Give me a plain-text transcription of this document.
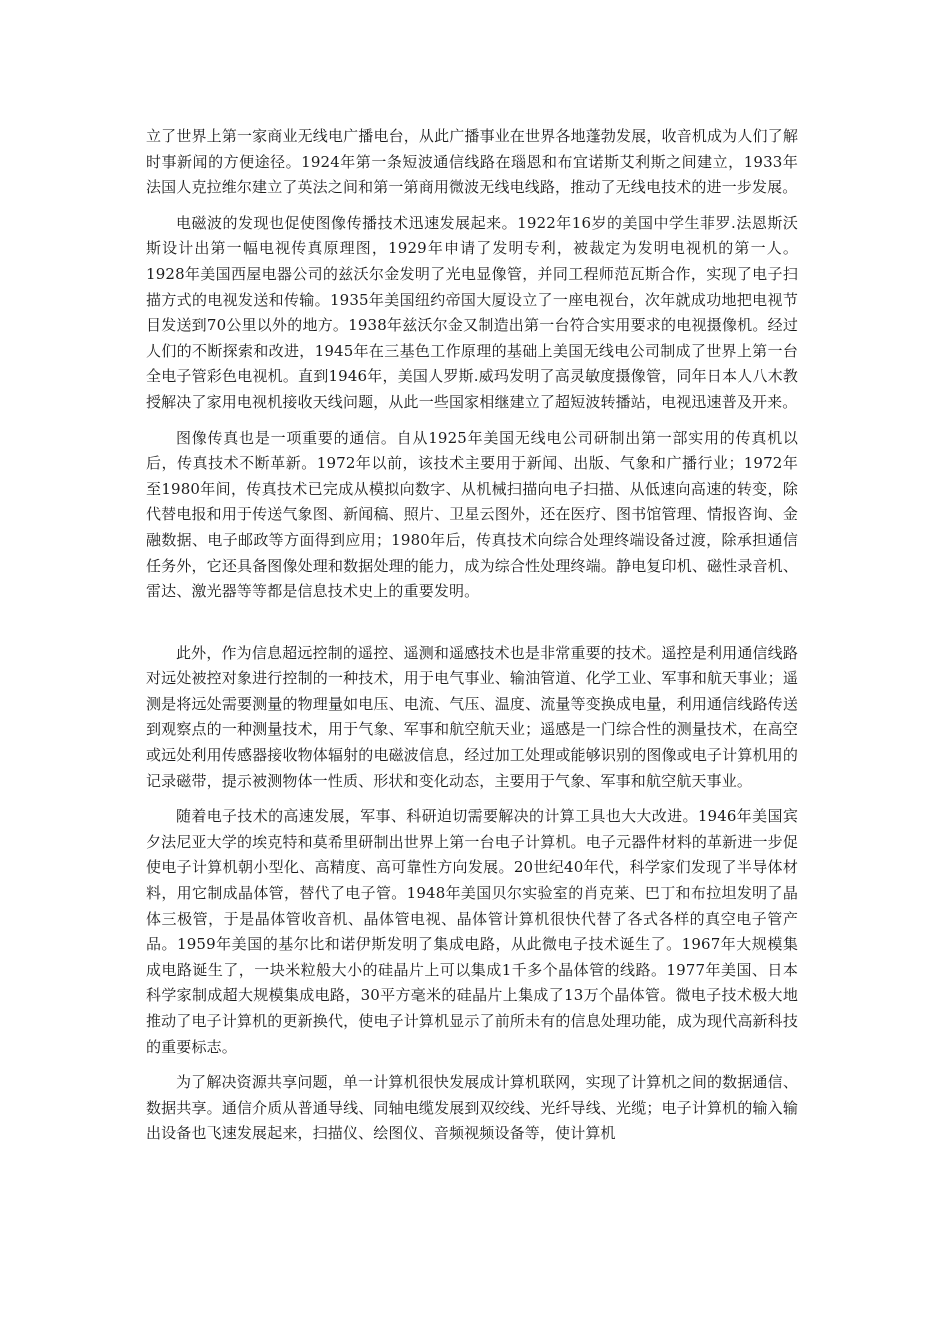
立了世界上第一家商业无线电广播电台，从此广播事业在世界各地蓬勃发展，收音机成为人们了解时事新闻的方便途径。1924年第一条短波通信线路在瑙恩和布宜诺斯艾利斯之间建立，1933年法国人克拉维尔建立了英法之间和第一第商用微波无线电线路，推动了无线电技术的进一步发展。

电磁波的发现也促使图像传播技术迅速发展起来。1922年16岁的美国中学生菲罗.法恩斯沃斯设计出第一幅电视传真原理图，1929年申请了发明专利，被裁定为发明电视机的第一人。1928年美国西屋电器公司的兹沃尔金发明了光电显像管，并同工程师范瓦斯合作，实现了电子扫描方式的电视发送和传输。1935年美国纽约帝国大厦设立了一座电视台，次年就成功地把电视节目发送到70公里以外的地方。1938年兹沃尔金又制造出第一台符合实用要求的电视摄像机。经过人们的不断探索和改进，1945年在三基色工作原理的基础上美国无线电公司制成了世界上第一台全电子管彩色电视机。直到1946年，美国人罗斯.威玛发明了高灵敏度摄像管，同年日本人八木教授解决了家用电视机接收天线问题，从此一些国家相继建立了超短波转播站，电视迅速普及开来。

图像传真也是一项重要的通信。自从1925年美国无线电公司研制出第一部实用的传真机以后，传真技术不断革新。1972年以前，该技术主要用于新闻、出版、气象和广播行业；1972年至1980年间，传真技术已完成从模拟向数字、从机械扫描向电子扫描、从低速向高速的转变，除代替电报和用于传送气象图、新闻稿、照片、卫星云图外，还在医疗、图书馆管理、情报咨询、金融数据、电子邮政等方面得到应用；1980年后，传真技术向综合处理终端设备过渡，除承担通信任务外，它还具备图像处理和数据处理的能力，成为综合性处理终端。静电复印机、磁性录音机、雷达、激光器等等都是信息技术史上的重要发明。

此外，作为信息超远控制的遥控、遥测和遥感技术也是非常重要的技术。遥控是利用通信线路对远处被控对象进行控制的一种技术，用于电气事业、输油管道、化学工业、军事和航天事业；遥测是将远处需要测量的物理量如电压、电流、气压、温度、流量等变换成电量，利用通信线路传送到观察点的一种测量技术，用于气象、军事和航空航天业；遥感是一门综合性的测量技术，在高空或远处利用传感器接收物体辐射的电磁波信息，经过加工处理或能够识别的图像或电子计算机用的记录磁带，提示被测物体一性质、形状和变化动态，主要用于气象、军事和航空航天事业。

随着电子技术的高速发展，军事、科研迫切需要解决的计算工具也大大改进。1946年美国宾夕法尼亚大学的埃克特和莫希里研制出世界上第一台电子计算机。电子元器件材料的革新进一步促使电子计算机朝小型化、高精度、高可靠性方向发展。20世纪40年代，科学家们发现了半导体材料，用它制成晶体管，替代了电子管。1948年美国贝尔实验室的肖克莱、巴丁和布拉坦发明了晶体三极管，于是晶体管收音机、晶体管电视、晶体管计算机很快代替了各式各样的真空电子管产品。1959年美国的基尔比和诺伊斯发明了集成电路，从此微电子技术诞生了。1967年大规模集成电路诞生了，一块米粒般大小的硅晶片上可以集成1千多个晶体管的线路。1977年美国、日本科学家制成超大规模集成电路，30平方毫米的硅晶片上集成了13万个晶体管。微电子技术极大地推动了电子计算机的更新换代，使电子计算机显示了前所未有的信息处理功能，成为现代高新科技的重要标志。

为了解决资源共享问题，单一计算机很快发展成计算机联网，实现了计算机之间的数据通信、数据共享。通信介质从普通导线、同轴电缆发展到双绞线、光纤导线、光缆；电子计算机的输入输出设备也飞速发展起来，扫描仪、绘图仪、音频视频设备等，使计算机
